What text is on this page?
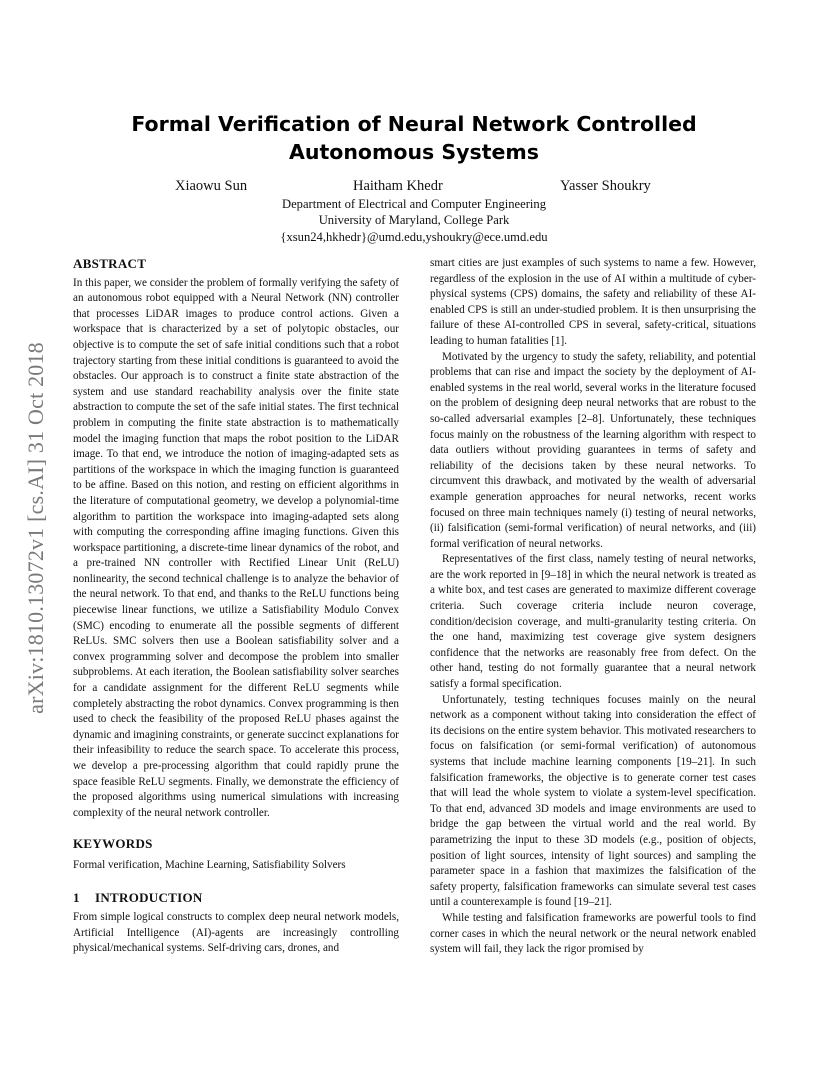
Formal Verification of Neural Network Controlled
Autonomous Systems
Xiaowu Sun	Haitham Khedr	Yasser Shoukry
Department of Electrical and Computer Engineering
University of Maryland, College Park
{xsun24,hkhedr}@umd.edu,yshoukry@ece.umd.edu
arXiv:1810.13072v1 [cs.AI] 31 Oct 2018
ABSTRACT

In this paper, we consider the problem of formally verifying the safety of an autonomous robot equipped with a Neural Network (NN) controller that processes LiDAR images to produce control actions. Given a workspace that is characterized by a set of polytopic obstacles, our objective is to compute the set of safe initial conditions such that a robot trajectory starting from these initial conditions is guaranteed to avoid the obstacles. Our approach is to construct a finite state abstraction of the system and use standard reachability analysis over the finite state abstraction to compute the set of the safe initial states. The first technical problem in computing the finite state abstraction is to mathematically model the imaging function that maps the robot position to the LiDAR image. To that end, we introduce the notion of imaging-adapted sets as partitions of the workspace in which the imaging function is guaranteed to be affine. Based on this notion, and resting on efficient algorithms in the literature of computational geometry, we develop a polynomial-time algorithm to partition the workspace into imaging-adapted sets along with computing the corresponding affine imaging functions. Given this workspace partitioning, a discrete-time linear dynamics of the robot, and a pre-trained NN controller with Rectified Linear Unit (ReLU) nonlinearity, the second technical challenge is to analyze the behavior of the neural network. To that end, and thanks to the ReLU functions being piecewise linear functions, we utilize a Satisfiability Modulo Convex (SMC) encoding to enumerate all the possible segments of different ReLUs. SMC solvers then use a Boolean satisfiability solver and a convex programming solver and decompose the problem into smaller subproblems. At each iteration, the Boolean satisfiability solver searches for a candidate assignment for the different ReLU segments while completely abstracting the robot dynamics. Convex programming is then used to check the feasibility of the proposed ReLU phases against the dynamic and imagining constraints, or generate succinct explanations for their infeasibility to reduce the search space. To accelerate this process, we develop a pre-processing algorithm that could rapidly prune the space feasible ReLU segments. Finally, we demonstrate the efficiency of the proposed algorithms using numerical simulations with increasing complexity of the neural network controller.

KEYWORDS

Formal verification, Machine Learning, Satisfiability Solvers

1 INTRODUCTION

From simple logical constructs to complex deep neural network models, Artificial Intelligence (AI)-agents are increasingly controlling physical/mechanical systems. Self-driving cars, drones, and

smart cities are just examples of such systems to name a few. However, regardless of the explosion in the use of AI within a multitude of cyber-physical systems (CPS) domains, the safety and reliability of these AI-enabled CPS is still an under-studied problem. It is then unsurprising the failure of these AI-controlled CPS in several, safety-critical, situations leading to human fatalities [1].

Motivated by the urgency to study the safety, reliability, and potential problems that can rise and impact the society by the deployment of AI-enabled systems in the real world, several works in the literature focused on the problem of designing deep neural networks that are robust to the so-called adversarial examples [2–8]. Unfortunately, these techniques focus mainly on the robustness of the learning algorithm with respect to data outliers without providing guarantees in terms of safety and reliability of the decisions taken by these neural networks. To circumvent this drawback, and motivated by the wealth of adversarial example generation approaches for neural networks, recent works focused on three main techniques namely (i) testing of neural networks, (ii) falsification (semi-formal verification) of neural networks, and (iii) formal verification of neural networks.

Representatives of the first class, namely testing of neural networks, are the work reported in [9–18] in which the neural network is treated as a white box, and test cases are generated to maximize different coverage criteria. Such coverage criteria include neuron coverage, condition/decision coverage, and multi-granularity testing criteria. On the one hand, maximizing test coverage give system designers confidence that the networks are reasonably free from defect. On the other hand, testing do not formally guarantee that a neural network satisfy a formal specification.

Unfortunately, testing techniques focuses mainly on the neural network as a component without taking into consideration the effect of its decisions on the entire system behavior. This motivated researchers to focus on falsification (or semi-formal verification) of autonomous systems that include machine learning components [19–21]. In such falsification frameworks, the objective is to generate corner test cases that will lead the whole system to violate a system-level specification. To that end, advanced 3D models and image environments are used to bridge the gap between the virtual world and the real world. By parametrizing the input to these 3D models (e.g., position of objects, position of light sources, intensity of light sources) and sampling the parameter space in a fashion that maximizes the falsification of the safety property, falsification frameworks can simulate several test cases until a counterexample is found [19–21].

While testing and falsification frameworks are powerful tools to find corner cases in which the neural network or the neural network enabled system will fail, they lack the rigor promised by
